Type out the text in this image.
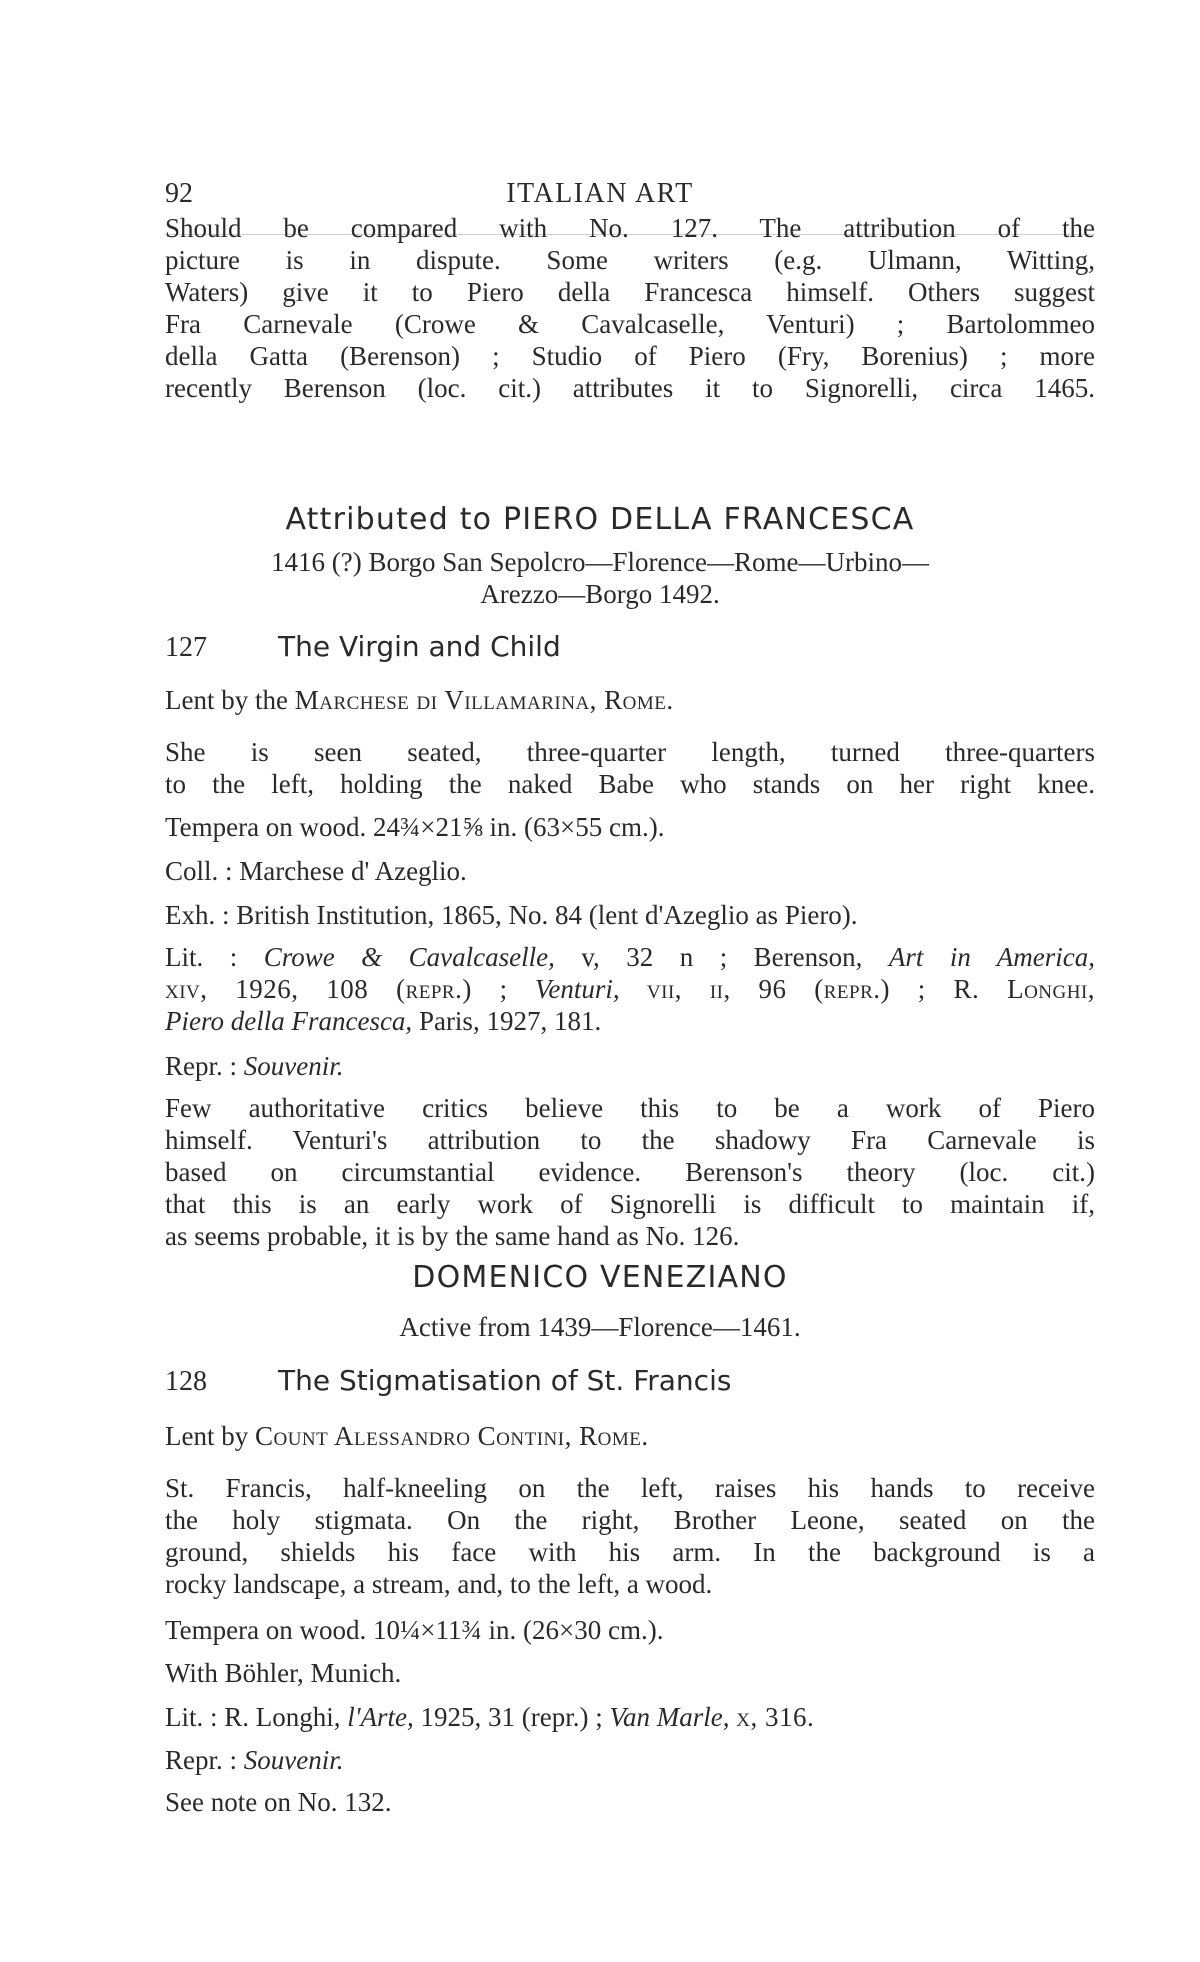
92	ITALIAN ART
Should be compared with No. 127. The attribution of the
picture is in dispute. Some writers (e.g. Ulmann, Witting,
Waters) give it to Piero della Francesca himself. Others suggest
Fra Carnevale (Crowe & Cavalcaselle, Venturi) ; Bartolommeo
della Gatta (Berenson) ; Studio of Piero (Fry, Borenius) ; more
recently Berenson (loc. cit.) attributes it to Signorelli, circa 1465.
Attributed to PIERO DELLA FRANCESCA
1416 (?) Borgo San Sepolcro—Florence—Rome—Urbino—
Arezzo—Borgo 1492.
127	The Virgin and Child
Lent by the Marchese di Villamarina, Rome.
She is seen seated, three-quarter length, turned three-quarters
to the left, holding the naked Babe who stands on her right knee.
Tempera on wood. 24¾×21⅝ in. (63×55 cm.).
Coll. : Marchese d' Azeglio.
Exh. : British Institution, 1865, No. 84 (lent d'Azeglio as Piero).
Lit. : Crowe & Cavalcaselle, v, 32 n ; Berenson, Art in America,
xiv, 1926, 108 (repr.) ; Venturi, vii, ii, 96 (repr.) ; R. Longhi,
Piero della Francesca, Paris, 1927, 181.
Repr. : Souvenir.
Few authoritative critics believe this to be a work of Piero
himself. Venturi's attribution to the shadowy Fra Carnevale is
based on circumstantial evidence. Berenson's theory (loc. cit.)
that this is an early work of Signorelli is difficult to maintain if,
as seems probable, it is by the same hand as No. 126.
DOMENICO VENEZIANO
Active from 1439—Florence—1461.
128	The Stigmatisation of St. Francis
Lent by Count Alessandro Contini, Rome.
St. Francis, half-kneeling on the left, raises his hands to receive
the holy stigmata. On the right, Brother Leone, seated on the
ground, shields his face with his arm. In the background is a
rocky landscape, a stream, and, to the left, a wood.
Tempera on wood. 10¼×11¾ in. (26×30 cm.).
With Böhler, Munich.
Lit. : R. Longhi, l'Arte, 1925, 31 (repr.) ; Van Marle, x, 316.
Repr. : Souvenir.
See note on No. 132.
